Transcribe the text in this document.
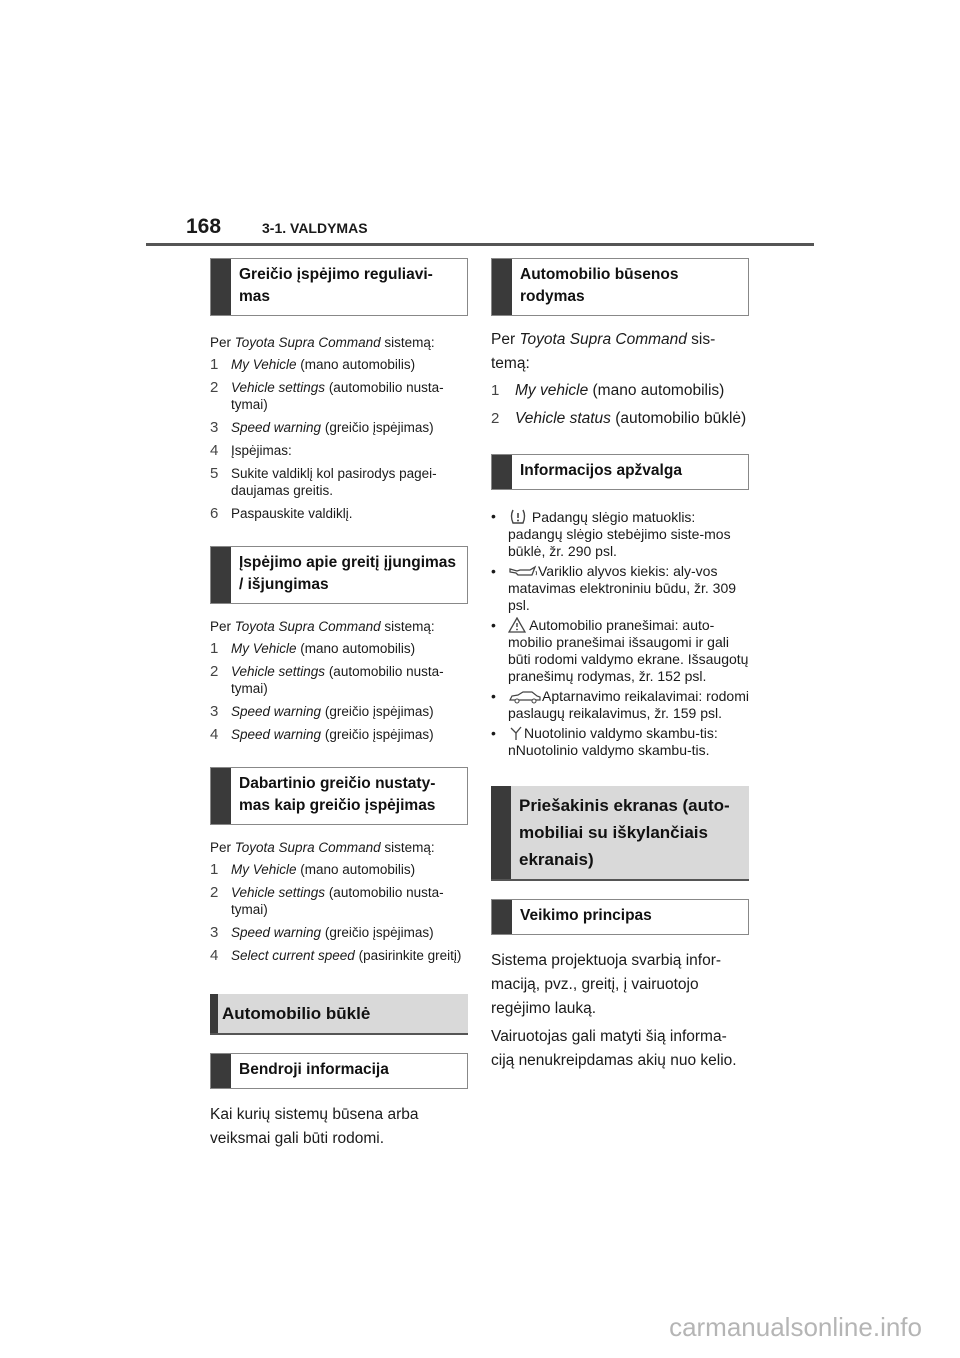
168	3-1. VALDYMAS
Greičio įspėjimo reguliavi-mas
Per Toyota Supra Command sistemą:
1 My Vehicle (mano automobilis)
2 Vehicle settings (automobilio nusta-tymai)
3 Speed warning (greičio įspėjimas)
4 Įspėjimas:
5 Sukite valdiklį kol pasirodys pagei-daujamas greitis.
6 Paspauskite valdiklį.
Įspėjimo apie greitį įjungimas / išjungimas
Per Toyota Supra Command sistemą:
1 My Vehicle (mano automobilis)
2 Vehicle settings (automobilio nusta-tymai)
3 Speed warning (greičio įspėjimas)
4 Speed warning (greičio įspėjimas)
Dabartinio greičio nustaty-mas kaip greičio įspėjimas
Per Toyota Supra Command sistemą:
1 My Vehicle (mano automobilis)
2 Vehicle settings (automobilio nusta-tymai)
3 Speed warning (greičio įspėjimas)
4 Select current speed (pasirinkite greitį)
Automobilio būklė
Bendroji informacija
Kai kurių sistemų būsena arba veiksmai gali būti rodomi.
Automobilio būsenos rodymas
Per Toyota Supra Command sis-temą:
1	My vehicle (mano automobilis)
2	Vehicle status (automobilio būklė)
Informacijos apžvalga
•	Padangų slėgio matuoklis: padangų slėgio stebėjimo siste-mos būklė, žr. 290 psl.
•	Variklio alyvos kiekis: aly-vos matavimas elektroniniu būdu, žr. 309 psl.
•	Automobilio pranešimai: auto-mobilio pranešimai išsaugomi ir gali būti rodomi valdymo ekrane. Išsaugotų pranešimų rodymas, žr. 152 psl.
•	Aptarnavimo reikalavimai: rodomi paslaugų reikalavimus, žr. 159 psl.
•	Nuotolinio valdymo skambu-tis: nNuotolinio valdymo skambu-tis.
Priešakinis ekranas (auto-mobiliai su iškylančiais ekranais)
Veikimo principas
Sistema projektuoja svarbią infor-maciją, pvz., greitį, į vairuotojo regėjimo lauką.
Vairuotojas gali matyti šią informa-ciją nenukreipdamas akių nuo kelio.
carmanualsonline.info
